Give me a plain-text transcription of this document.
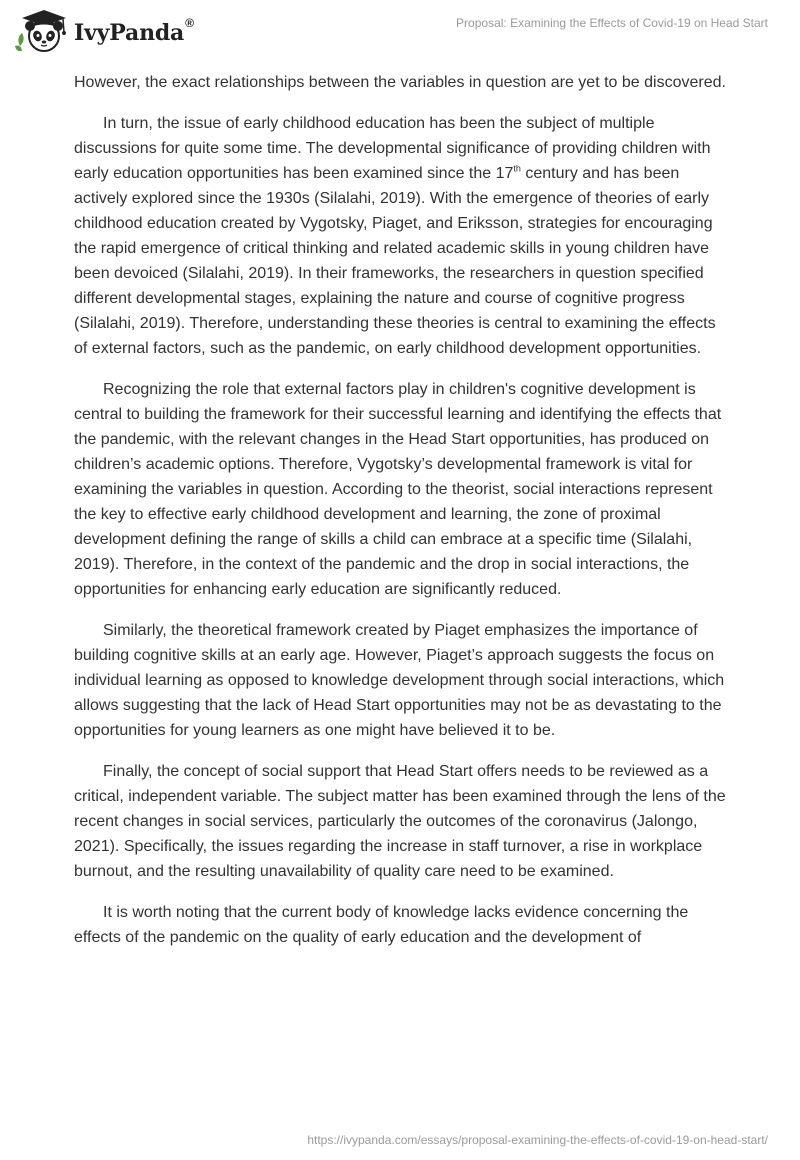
IvyPanda®	Proposal: Examining the Effects of Covid-19 on Head Start

However, the exact relationships between the variables in question are yet to be discovered.

In turn, the issue of early childhood education has been the subject of multiple discussions for quite some time. The developmental significance of providing children with early education opportunities has been examined since the 17th century and has been actively explored since the 1930s (Silalahi, 2019). With the emergence of theories of early childhood education created by Vygotsky, Piaget, and Eriksson, strategies for encouraging the rapid emergence of critical thinking and related academic skills in young children have been devoiced (Silalahi, 2019). In their frameworks, the researchers in question specified different developmental stages, explaining the nature and course of cognitive progress (Silalahi, 2019). Therefore, understanding these theories is central to examining the effects of external factors, such as the pandemic, on early childhood development opportunities.

Recognizing the role that external factors play in children's cognitive development is central to building the framework for their successful learning and identifying the effects that the pandemic, with the relevant changes in the Head Start opportunities, has produced on children’s academic options. Therefore, Vygotsky’s developmental framework is vital for examining the variables in question. According to the theorist, social interactions represent the key to effective early childhood development and learning, the zone of proximal development defining the range of skills a child can embrace at a specific time (Silalahi, 2019). Therefore, in the context of the pandemic and the drop in social interactions, the opportunities for enhancing early education are significantly reduced.

Similarly, the theoretical framework created by Piaget emphasizes the importance of building cognitive skills at an early age. However, Piaget’s approach suggests the focus on individual learning as opposed to knowledge development through social interactions, which allows suggesting that the lack of Head Start opportunities may not be as devastating to the opportunities for young learners as one might have believed it to be.

Finally, the concept of social support that Head Start offers needs to be reviewed as a critical, independent variable. The subject matter has been examined through the lens of the recent changes in social services, particularly the outcomes of the coronavirus (Jalongo, 2021). Specifically, the issues regarding the increase in staff turnover, a rise in workplace burnout, and the resulting unavailability of quality care need to be examined.

It is worth noting that the current body of knowledge lacks evidence concerning the effects of the pandemic on the quality of early education and the development of

https://ivypanda.com/essays/proposal-examining-the-effects-of-covid-19-on-head-start/
